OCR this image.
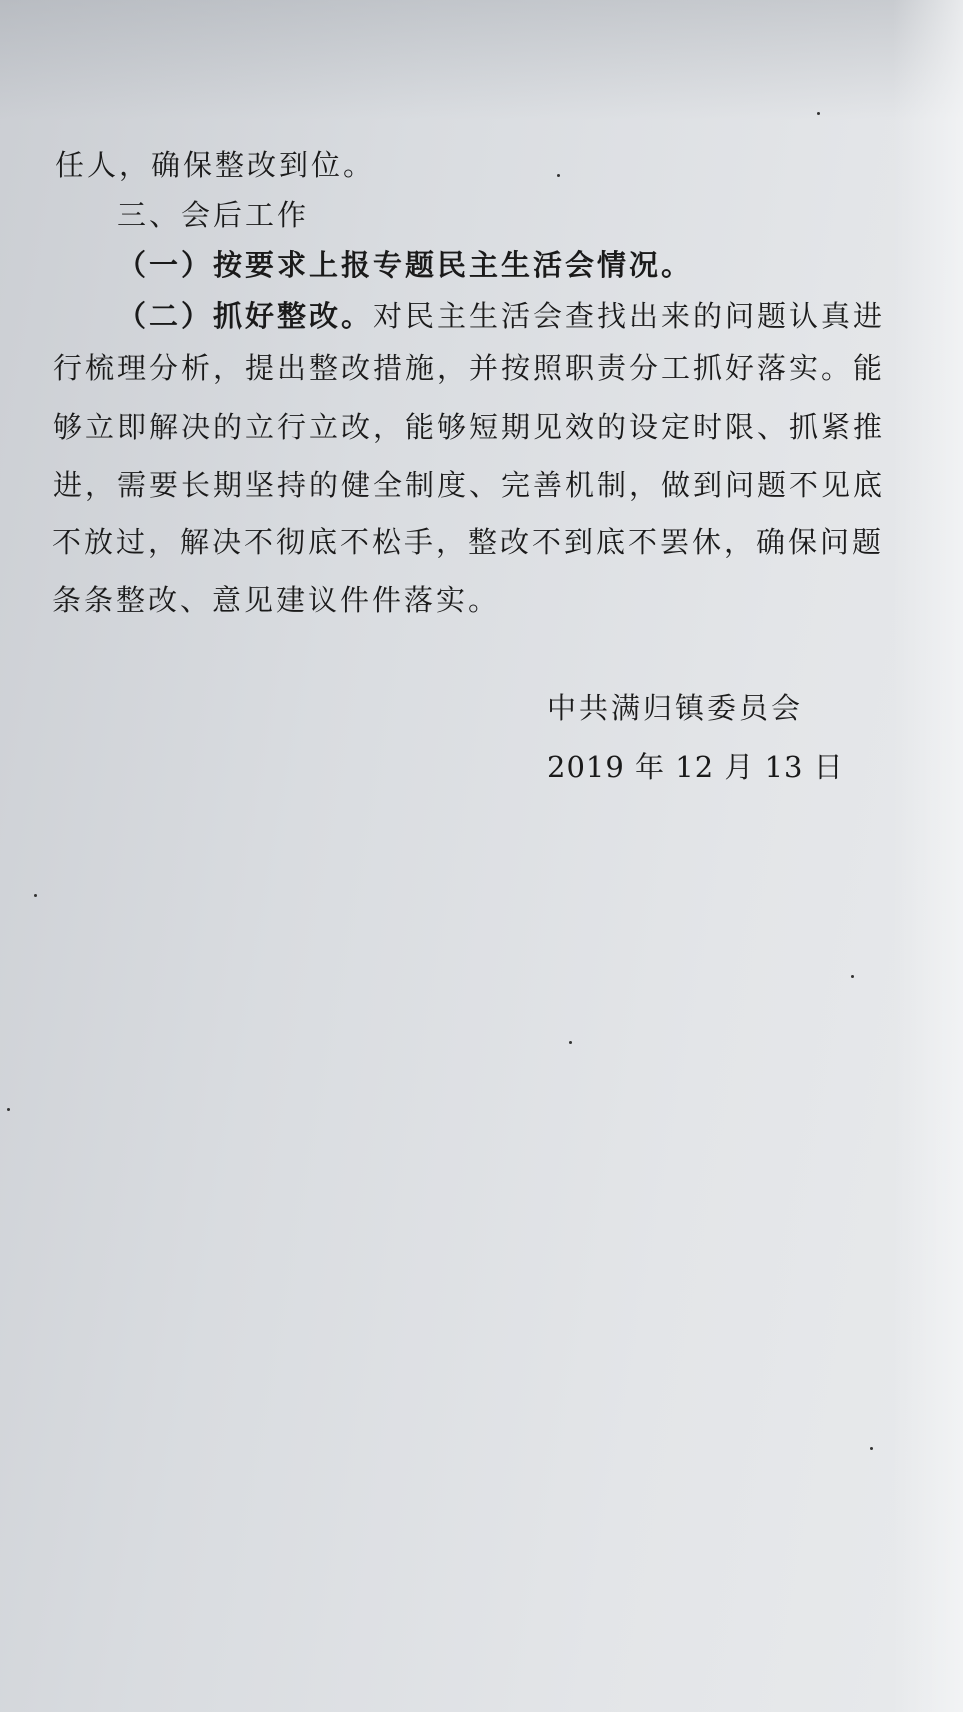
任人，确保整改到位。
三、会后工作
（一）按要求上报专题民主生活会情况。
（二）抓好整改。对民主生活会查找出来的问题认真进
行梳理分析，提出整改措施，并按照职责分工抓好落实。能
够立即解决的立行立改，能够短期见效的设定时限、抓紧推
进，需要长期坚持的健全制度、完善机制，做到问题不见底
不放过，解决不彻底不松手，整改不到底不罢休，确保问题
条条整改、意见建议件件落实。
中共满归镇委员会
2019 年 12 月 13 日
